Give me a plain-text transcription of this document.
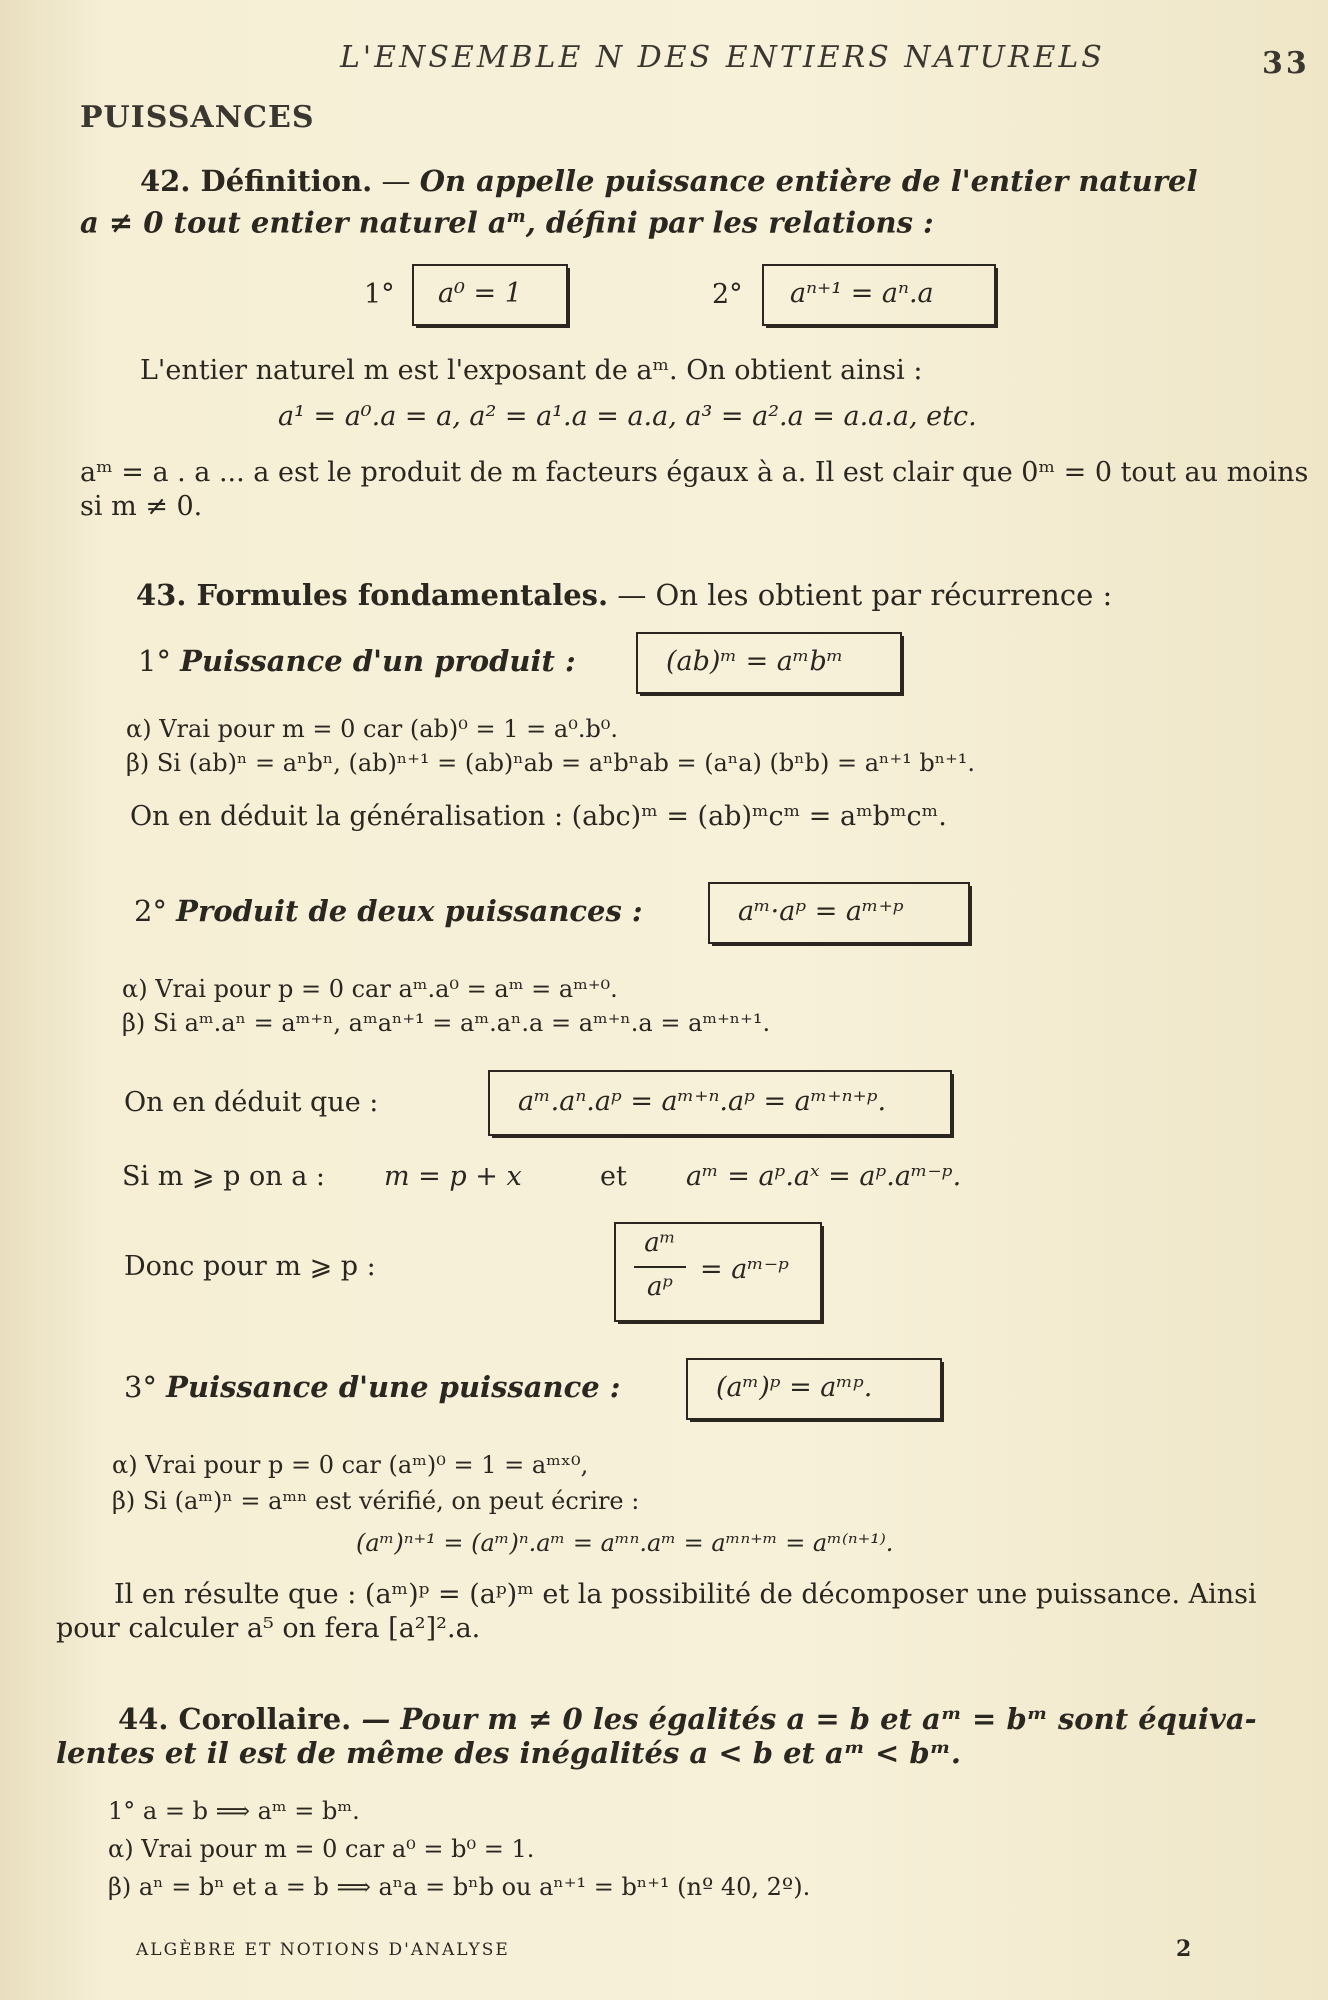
L'ENSEMBLE N DES ENTIERS NATURELS	33
PUISSANCES
42. Définition. — On appelle puissance entière de l'entier naturel
a ≠ 0 tout entier naturel $a^m$, défini par les relations :
1° a⁰ = 1	2° aⁿ⁺¹ = aⁿ.a
L'entier naturel m est l'exposant de aᵐ. On obtient ainsi :
a¹ = a⁰.a = a, a² = a¹.a = a.a, a³ = a².a = a.a.a, etc.
aᵐ = a . a ... a est le produit de m facteurs égaux à a. Il est clair que 0ᵐ = 0 tout au moins
si m ≠ 0.
43. Formules fondamentales. — On les obtient par récurrence :
1° Puissance d'un produit :	(ab)ᵐ = aᵐbᵐ
α) Vrai pour m = 0 car (ab)⁰ = 1 = a⁰.b⁰.
β) Si (ab)ⁿ = aⁿbⁿ, (ab)ⁿ⁺¹ = (ab)ⁿab = aⁿbⁿab = (aⁿa) (bⁿb) = aⁿ⁺¹ bⁿ⁺¹.
On en déduit la généralisation : (abc)ᵐ = (ab)ᵐcᵐ = aᵐbᵐcᵐ.
2° Produit de deux puissances :	aᵐ·aᵖ = aᵐ⁺ᵖ
α) Vrai pour p = 0 car aᵐ.a⁰ = aᵐ = aᵐ⁺⁰.
β) Si aᵐ.aⁿ = aᵐ⁺ⁿ, aᵐaⁿ⁺¹ = aᵐ.aⁿ.a = aᵐ⁺ⁿ.a = aᵐ⁺ⁿ⁺¹.
On en déduit que :	aᵐ.aⁿ.aᵖ = aᵐ⁺ⁿ.aᵖ = aᵐ⁺ⁿ⁺ᵖ.
Si m ⩾ p on a : m = p + x	et aᵐ = aᵖ.aˣ = aᵖ.aᵐ⁻ᵖ.
Donc pour m ⩾ p :
aᵐ
aᵖ
= aᵐ⁻ᵖ
3° Puissance d'une puissance :	(aᵐ)ᵖ = aᵐᵖ.
α) Vrai pour p = 0 car (aᵐ)⁰ = 1 = aᵐˣ⁰,
β) Si (aᵐ)ⁿ = aᵐⁿ est vérifié, on peut écrire :
(aᵐ)ⁿ⁺¹ = (aᵐ)ⁿ.aᵐ = aᵐⁿ.aᵐ = aᵐⁿ⁺ᵐ = aᵐ⁽ⁿ⁺¹⁾.
Il en résulte que : (aᵐ)ᵖ = (aᵖ)ᵐ et la possibilité de décomposer une puissance. Ainsi
pour calculer a⁵ on fera [a²]².a.
44. Corollaire. — Pour m ≠ 0 les égalités a = b et aᵐ = bᵐ sont équiva-
lentes et il est de même des inégalités a < b et aᵐ < bᵐ.
1° a = b ⟹ aᵐ = bᵐ.
α) Vrai pour m = 0 car a⁰ = b⁰ = 1.
β) aⁿ = bⁿ et a = b ⟹ aⁿa = bⁿb ou aⁿ⁺¹ = bⁿ⁺¹ (nº 40, 2º).
ALGÈBRE ET NOTIONS D'ANALYSE	2
